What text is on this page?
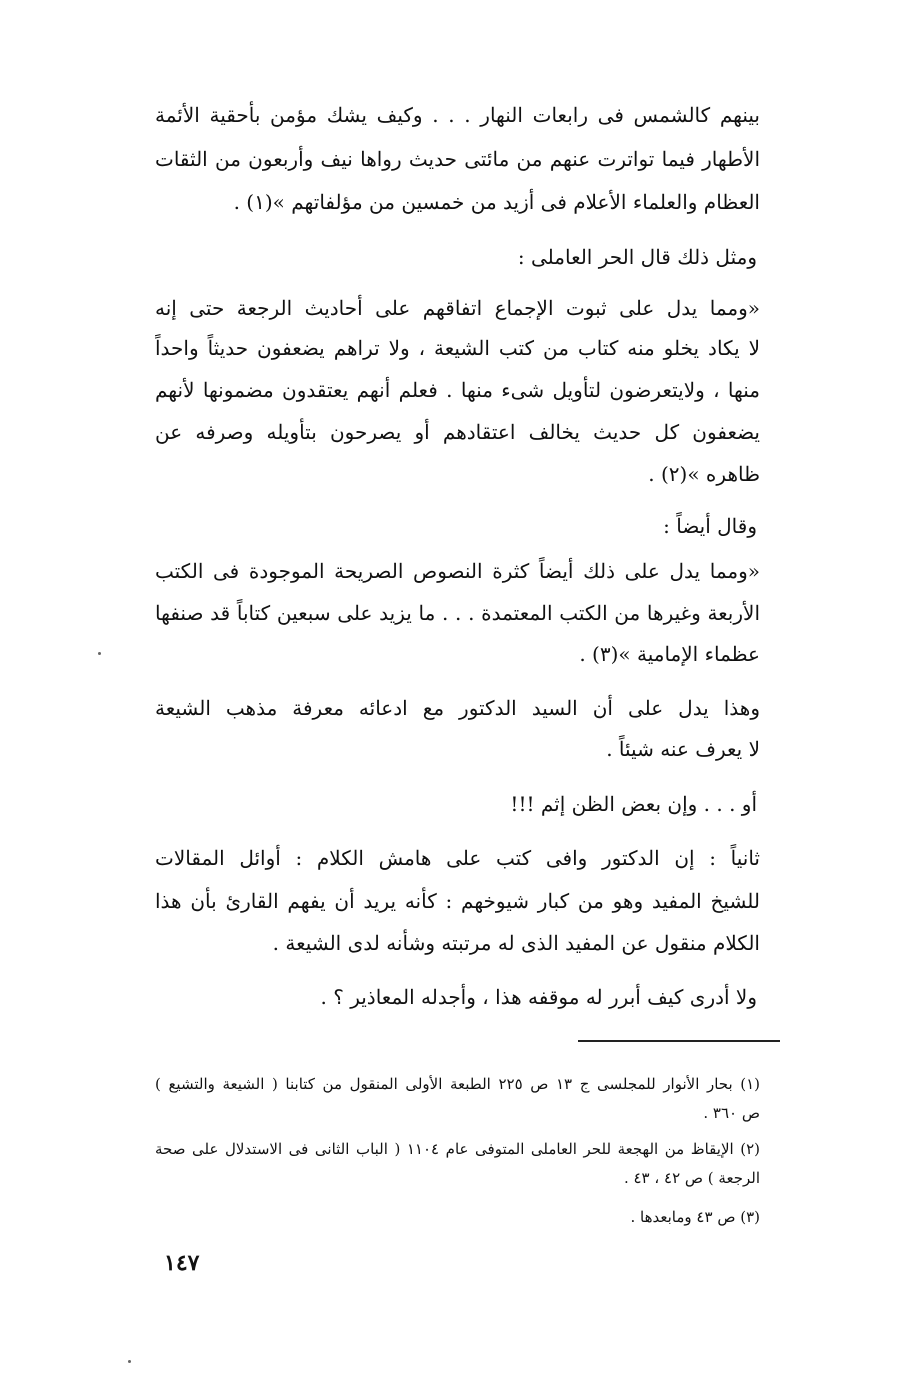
بينهم كالشمس فى رابعات النهار . . . وكيف يشك مؤمن بأحقية الأئمة
الأطهار فيما تواترت عنهم من مائتى حديث رواها نيف وأربعون من الثقات
العظام والعلماء الأعلام فى أزيد من خمسين من مؤلفاتهم »(١) .
ومثل ذلك قال الحر العاملى :
«ومما يدل على ثبوت الإجماع اتفاقهم على أحاديث الرجعة حتى إنه
لا يكاد يخلو منه كتاب من كتب الشيعة ، ولا تراهم يضعفون حديثاً واحداً
منها ، ولايتعرضون لتأويل شىء منها . فعلم أنهم يعتقدون مضمونها لأنهم
يضعفون كل حديث يخالف اعتقادهم أو يصرحون بتأويله وصرفه عن
ظاهره »(٢) .
وقال أيضاً :
«ومما يدل على ذلك أيضاً كثرة النصوص الصريحة الموجودة فى الكتب
الأربعة وغيرها من الكتب المعتمدة . . . ما يزيد على سبعين كتاباً قد صنفها
عظماء الإمامية »(٣) .
وهذا يدل على أن السيد الدكتور مع ادعائه معرفة مذهب الشيعة
لا يعرف عنه شيئاً .
أو . . . وإن بعض الظن إثم !!!
ثانياً : إن الدكتور وافى كتب على هامش الكلام : أوائل المقالات
للشيخ المفيد وهو من كبار شيوخهم : كأنه يريد أن يفهم القارئ بأن هذا
الكلام منقول عن المفيد الذى له مرتبته وشأنه لدى الشيعة .
ولا أدرى كيف أبرر له موقفه هذا ، وأجدله المعاذير ؟ .
(١) بحار الأنوار للمجلسى ج ١٣ ص ٢٢٥ الطبعة الأولى المنقول من كتابنا ( الشيعة والتشيع )
ص ٣٦٠ .
(٢) الإيقاظ من الهجعة للحر العاملى المتوفى عام ١١٠٤ ( الباب الثانى فى الاستدلال على صحة
الرجعة ) ص ٤٢ ، ٤٣ .
(٣) ص ٤٣ ومابعدها .
١٤٧
